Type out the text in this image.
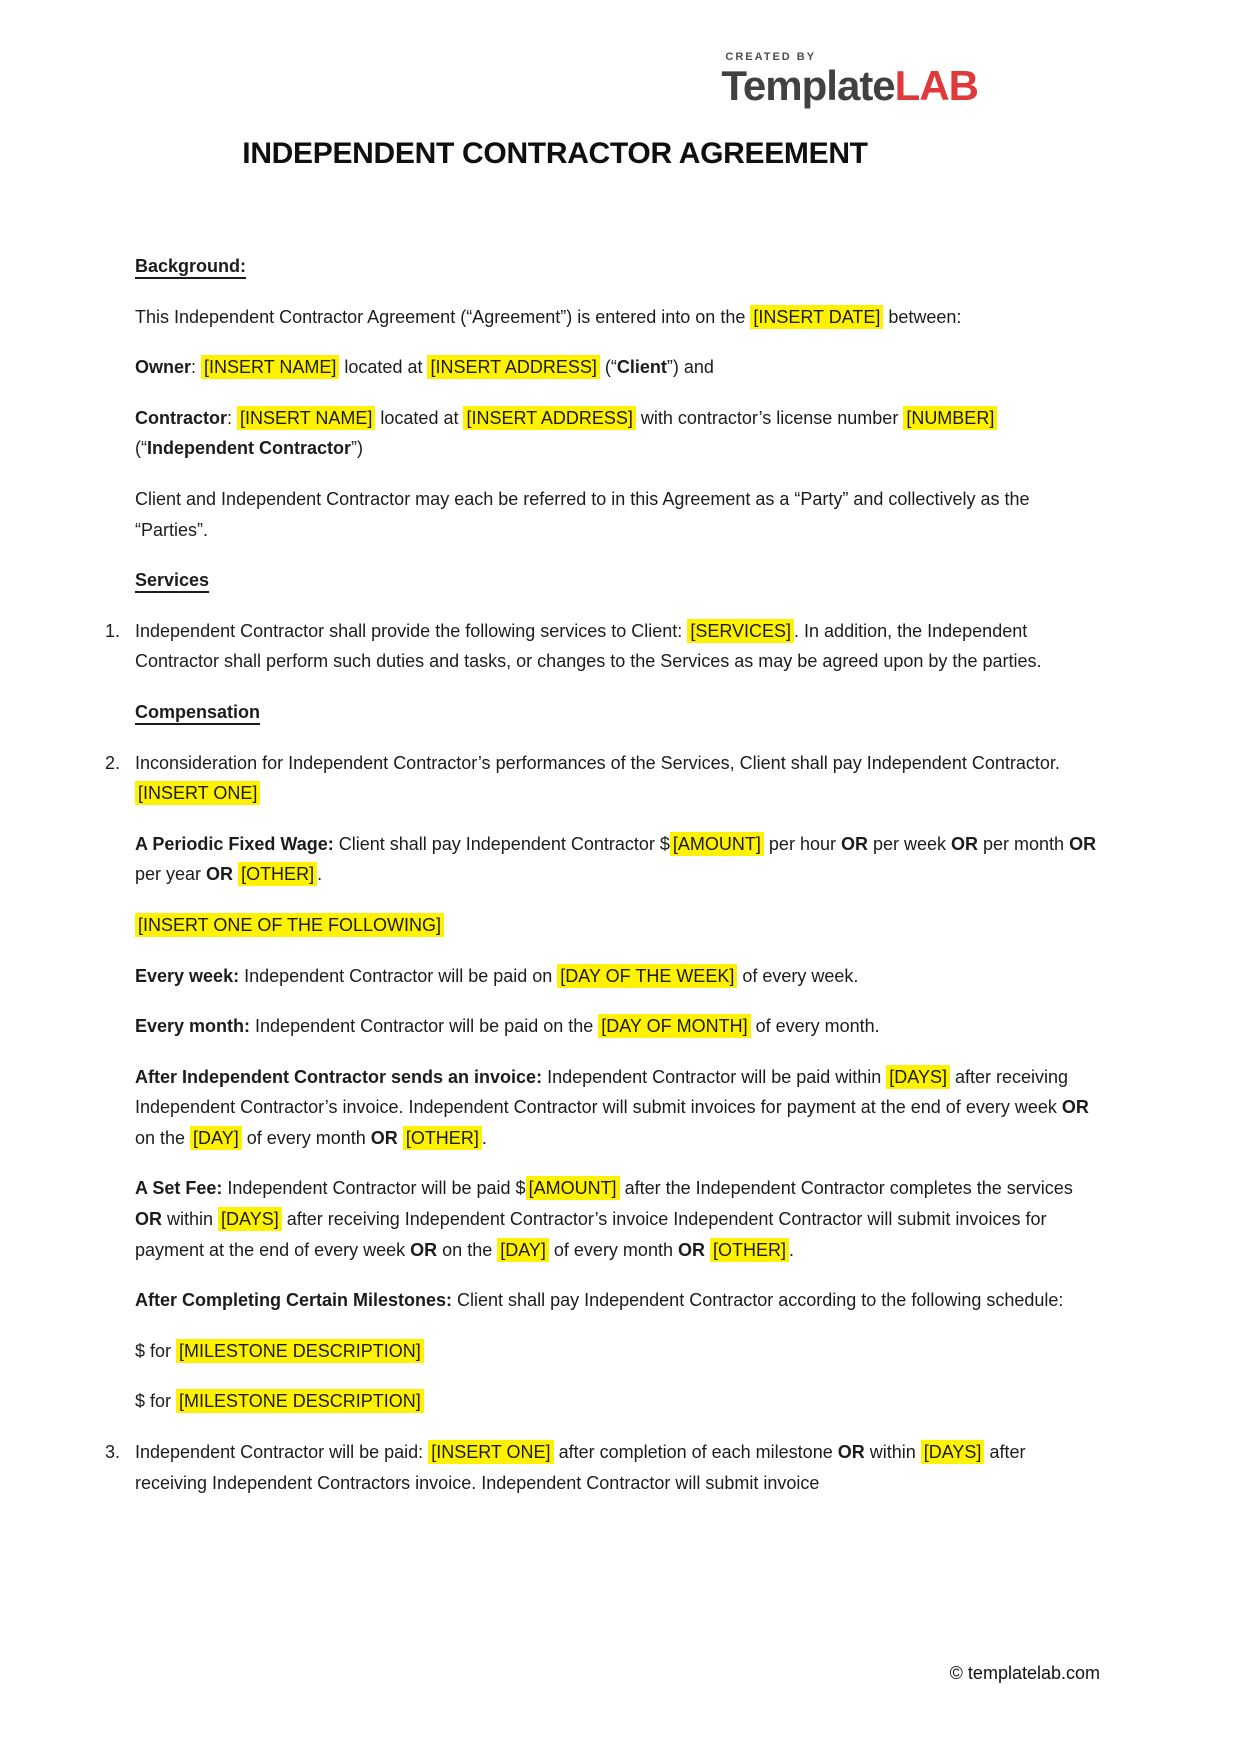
CREATED BY
TemplateLAB
INDEPENDENT CONTRACTOR AGREEMENT
Background:

This Independent Contractor Agreement (“Agreement”) is entered into on the [INSERT DATE] between:

Owner: [INSERT NAME] located at [INSERT ADDRESS] (“Client”) and

Contractor: [INSERT NAME] located at [INSERT ADDRESS] with contractor’s license number [NUMBER] (“Independent Contractor”)

Client and Independent Contractor may each be referred to in this Agreement as a “Party” and collectively as the “Parties”.

Services

1. Independent Contractor shall provide the following services to Client: [SERVICES] . In addition, the Independent Contractor shall perform such duties and tasks, or changes to the Services as may be agreed upon by the parties.

Compensation

2. Inconsideration for Independent Contractor’s performances of the Services, Client shall pay Independent Contractor. [INSERT ONE]

A Periodic Fixed Wage: Client shall pay Independent Contractor $ [AMOUNT] per hour OR per week OR per month OR per year OR [OTHER] .

[INSERT ONE OF THE FOLLOWING]

Every week: Independent Contractor will be paid on [DAY OF THE WEEK] of every week.

Every month: Independent Contractor will be paid on the [DAY OF MONTH] of every month.

After Independent Contractor sends an invoice: Independent Contractor will be paid within [DAYS] after receiving Independent Contractor’s invoice. Independent Contractor will submit invoices for payment at the end of every week OR on the [DAY] of every month OR [OTHER] .

A Set Fee: Independent Contractor will be paid $ [AMOUNT] after the Independent Contractor completes the services OR within [DAYS] after receiving Independent Contractor’s invoice Independent Contractor will submit invoices for payment at the end of every week OR on the [DAY] of every month OR [OTHER] .

After Completing Certain Milestones: Client shall pay Independent Contractor according to the following schedule:

$ for [MILESTONE DESCRIPTION]

$ for [MILESTONE DESCRIPTION]

3. Independent Contractor will be paid: [INSERT ONE] after completion of each milestone OR within [DAYS] after receiving Independent Contractors invoice. Independent Contractor will submit invoice

© templatelab.com
